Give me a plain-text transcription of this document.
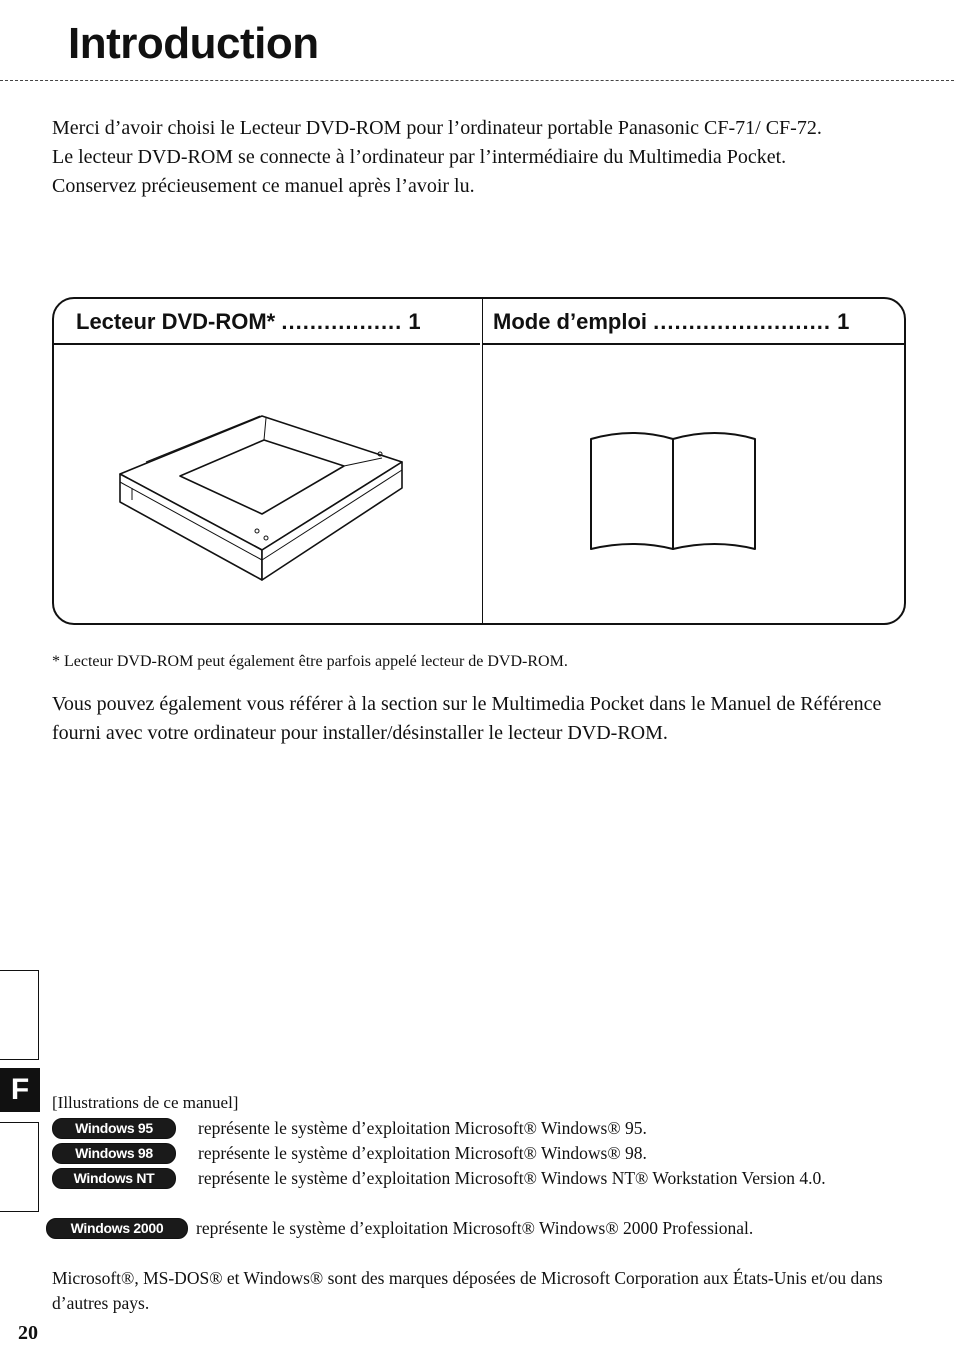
Introduction

Merci d’avoir choisi le Lecteur DVD-ROM pour l’ordinateur portable Panasonic CF-71/ CF-72.

Le lecteur DVD-ROM se connecte à l’ordinateur par l’intermédiaire du Multimedia Pocket.

Conservez précieusement ce manuel après l’avoir lu.

Lecteur DVD-ROM* ................. 1	Mode d’emploi ......................... 1
* Lecteur DVD-ROM peut également être parfois appelé lecteur de DVD-ROM.
Vous pouvez également vous référer à la section sur le Multimedia Pocket dans le Manuel de Référence fourni avec votre ordinateur pour installer/désinstaller le lecteur DVD-ROM.
F	[Illustrations de ce manuel]
Windows 95	représente le système d’exploitation Microsoft® Windows® 95.
Windows 98	représente le système d’exploitation Microsoft® Windows® 98.
Windows NT	représente le système d’exploitation Microsoft® Windows NT® Workstation Version 4.0.
Windows 2000	représente le système d’exploitation Microsoft® Windows® 2000 Professional.
Microsoft®, MS-DOS® et Windows® sont des marques déposées de Microsoft Corporation aux États-Unis et/ou dans d’autres pays.
20
